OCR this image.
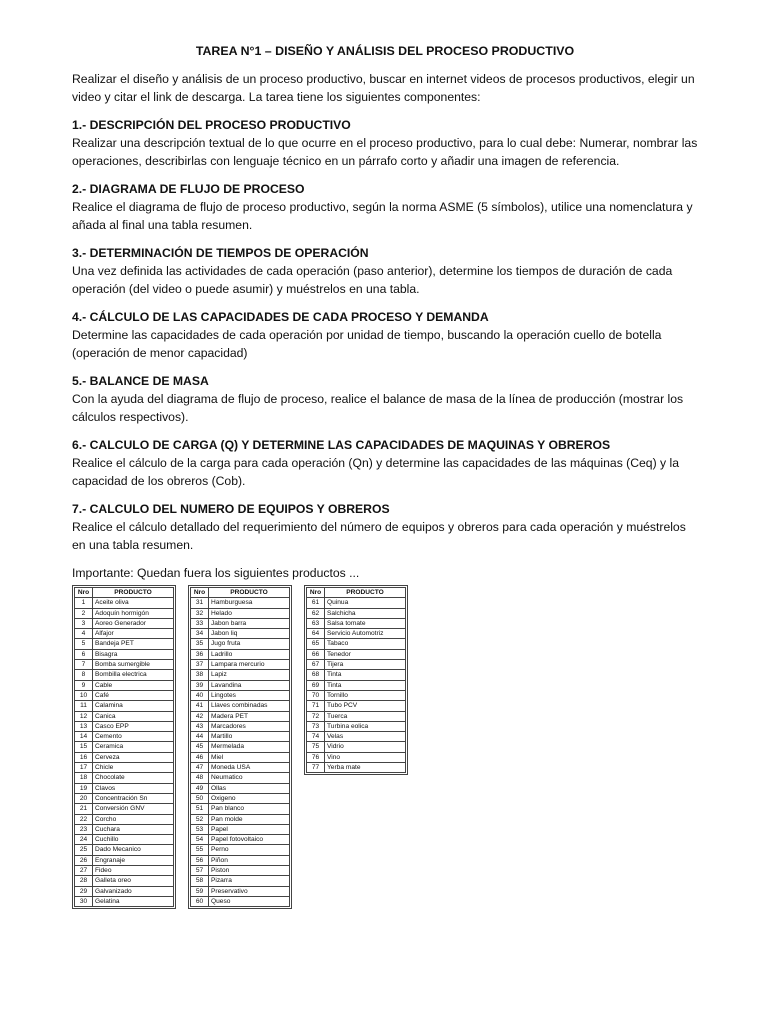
TAREA N°1 – DISEÑO Y ANÁLISIS DEL PROCESO PRODUCTIVO

Realizar el diseño y análisis de un proceso productivo, buscar en internet videos de procesos productivos, elegir un video y citar el link de descarga. La tarea tiene los siguientes componentes:

1.- DESCRIPCIÓN DEL PROCESO PRODUCTIVO

Realizar una descripción textual de lo que ocurre en el proceso productivo, para lo cual debe: Numerar, nombrar las operaciones, describirlas con lenguaje técnico en un párrafo corto y añadir una imagen de referencia.

2.- DIAGRAMA DE FLUJO DE PROCESO

Realice el diagrama de flujo de proceso productivo, según la norma ASME (5 símbolos), utilice una nomenclatura y añada al final una tabla resumen.

3.- DETERMINACIÓN DE TIEMPOS DE OPERACIÓN

Una vez definida las actividades de cada operación (paso anterior), determine los tiempos de duración de cada operación (del video o puede asumir) y muéstrelos en una tabla.

4.- CÁLCULO DE LAS CAPACIDADES DE CADA PROCESO Y DEMANDA

Determine las capacidades de cada operación por unidad de tiempo, buscando la operación cuello de botella (operación de menor capacidad)

5.- BALANCE DE MASA

Con la ayuda del diagrama de flujo de proceso, realice el balance de masa de la línea de producción (mostrar los cálculos respectivos).

6.- CALCULO DE CARGA (Q) Y DETERMINE LAS CAPACIDADES DE MAQUINAS Y OBREROS

Realice el cálculo de la carga para cada operación (Qn) y determine las capacidades de las máquinas (Ceq) y la capacidad de los obreros (Cob).

7.- CALCULO DEL NUMERO DE EQUIPOS Y OBREROS

Realice el cálculo detallado del requerimiento del número de equipos y obreros para cada operación y muéstrelos en una tabla resumen.

Importante: Quedan fuera los siguientes productos ...

Nro	PRODUCTO
1	Aceite oliva
2	Adoquín hormigón
3	Aoreo Generador
4	Alfajor
5	Bandeja PET
6	Bisagra
7	Bomba sumergible
8	Bombilla electrica
9	Cable
10	Café
11	Calamina
12	Canica
13	Casco EPP
14	Cemento
15	Ceramica
16	Cerveza
17	Chicle
18	Chocolate
19	Clavos
20	Concentración Sn
21	Conversión GNV
22	Corcho
23	Cuchara
24	Cuchillo
25	Dado Mecanico
26	Engranaje
27	Fideo
28	Galleta oreo
29	Galvanizado
30	Gelatina
Nro	PRODUCTO
31	Hamburguesa
32	Helado
33	Jabon barra
34	Jabon liq
35	Jugo fruta
36	Ladrillo
37	Lampara mercurio
38	Lapiz
39	Lavandina
40	Lingotes
41	Llaves combinadas
42	Madera PET
43	Marcadores
44	Martillo
45	Mermelada
46	Miel
47	Moneda USA
48	Neumatico
49	Ollas
50	Oxigeno
51	Pan blanco
52	Pan molde
53	Papel
54	Papel fotovoltaico
55	Perno
56	Piñon
57	Piston
58	Pizarra
59	Preservativo
60	Queso
Nro	PRODUCTO
61	Quinua
62	Salchicha
63	Salsa tomate
64	Servicio Automotriz
65	Tabaco
66	Tenedor
67	Tijera
68	Tinta
69	Tinta
70	Tornillo
71	Tubo PCV
72	Tuerca
73	Turbina eolica
74	Velas
75	Vidrio
76	Vino
77	Yerba mate
